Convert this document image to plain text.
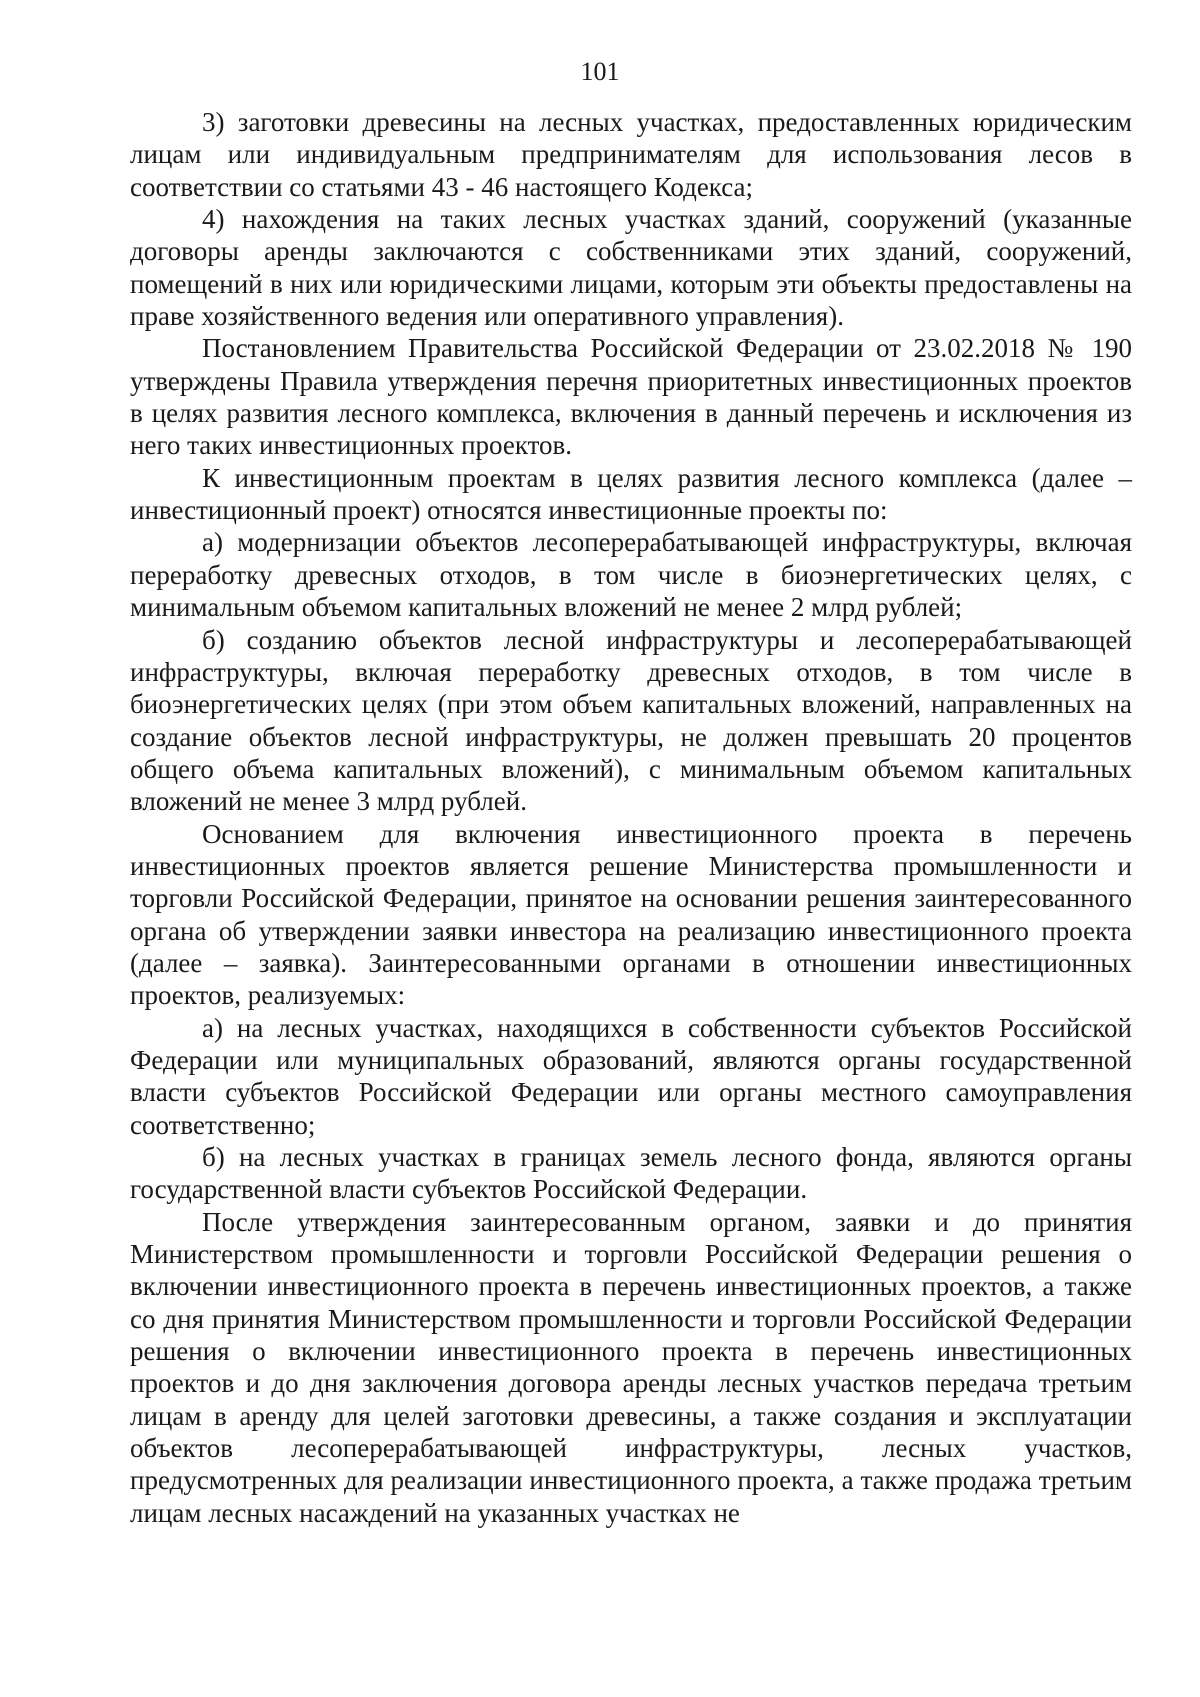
101

3) заготовки древесины на лесных участках, предоставленных юридическим лицам или индивидуальным предпринимателям для использования лесов в соответствии со статьями 43 - 46 настоящего Кодекса;

4) нахождения на таких лесных участках зданий, сооружений (указанные договоры аренды заключаются с собственниками этих зданий, сооружений, помещений в них или юридическими лицами, которым эти объекты предоставлены на праве хозяйственного ведения или оперативного управления).

Постановлением Правительства Российской Федерации от 23.02.2018 № 190 утверждены Правила утверждения перечня приоритетных инвестиционных проектов в целях развития лесного комплекса, включения в данный перечень и исключения из него таких инвестиционных проектов.

К инвестиционным проектам в целях развития лесного комплекса (далее – инвестиционный проект) относятся инвестиционные проекты по:

а) модернизации объектов лесоперерабатывающей инфраструктуры, включая переработку древесных отходов, в том числе в биоэнергетических целях, с минимальным объемом капитальных вложений не менее 2 млрд рублей;

б) созданию объектов лесной инфраструктуры и лесоперерабатывающей инфраструктуры, включая переработку древесных отходов, в том числе в биоэнергетических целях (при этом объем капитальных вложений, направленных на создание объектов лесной инфраструктуры, не должен превышать 20 процентов общего объема капитальных вложений), с минимальным объемом капитальных вложений не менее 3 млрд рублей.

Основанием для включения инвестиционного проекта в перечень инвестиционных проектов является решение Министерства промышленности и торговли Российской Федерации, принятое на основании решения заинтересованного органа об утверждении заявки инвестора на реализацию инвестиционного проекта (далее – заявка). Заинтересованными органами в отношении инвестиционных проектов, реализуемых:

а) на лесных участках, находящихся в собственности субъектов Российской Федерации или муниципальных образований, являются органы государственной власти субъектов Российской Федерации или органы местного самоуправления соответственно;

б) на лесных участках в границах земель лесного фонда, являются органы государственной власти субъектов Российской Федерации.

После утверждения заинтересованным органом, заявки и до принятия Министерством промышленности и торговли Российской Федерации решения о включении инвестиционного проекта в перечень инвестиционных проектов, а также со дня принятия Министерством промышленности и торговли Российской Федерации решения о включении инвестиционного проекта в перечень инвестиционных проектов и до дня заключения договора аренды лесных участков передача третьим лицам в аренду для целей заготовки древесины, а также создания и эксплуатации объектов лесоперерабатывающей инфраструктуры, лесных участков, предусмотренных для реализации инвестиционного проекта, а также продажа третьим лицам лесных насаждений на указанных участках не
